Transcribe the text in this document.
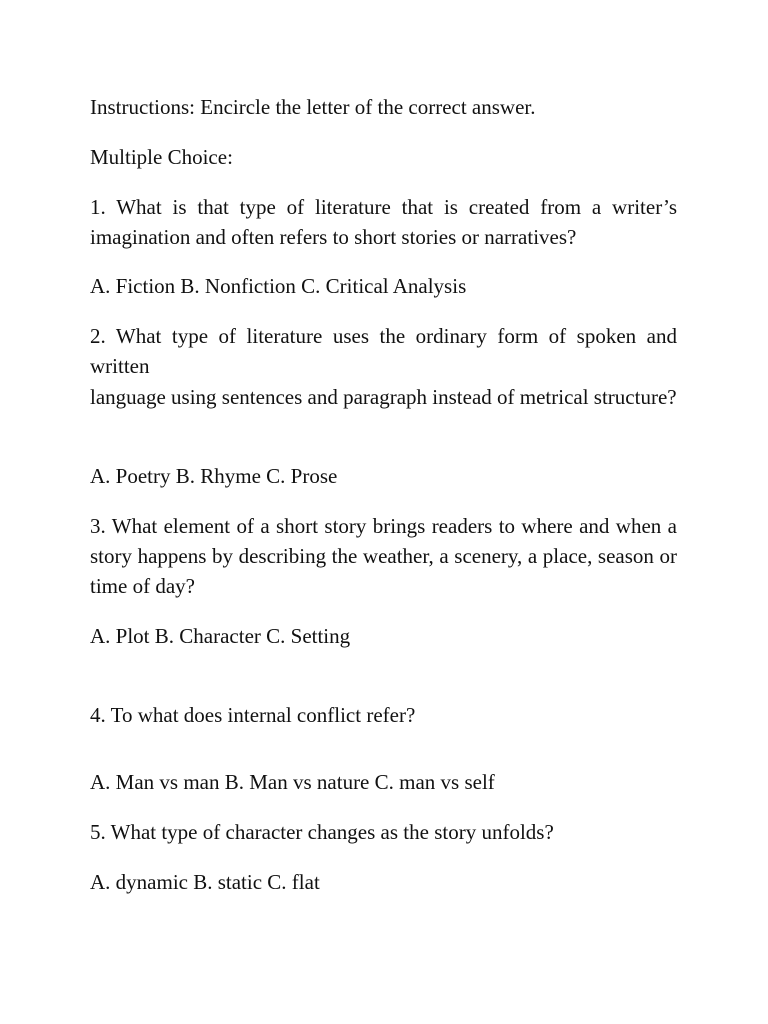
Instructions: Encircle the letter of the correct answer.

Multiple Choice:

1. What is that type of literature that is created from a writer’s imagination and often refers to short stories or narratives?

A. Fiction B. Nonfiction C. Critical Analysis

2. What type of literature uses the ordinary form of spoken and written

language using sentences and paragraph instead of metrical structure?

A. Poetry B. Rhyme C. Prose

3. What element of a short story brings readers to where and when a story happens by describing the weather, a scenery, a place, season or time of day?

A. Plot B. Character C. Setting

4. To what does internal conflict refer?

A. Man vs man B. Man vs nature C. man vs self

5. What type of character changes as the story unfolds?

A. dynamic B. static C. flat
